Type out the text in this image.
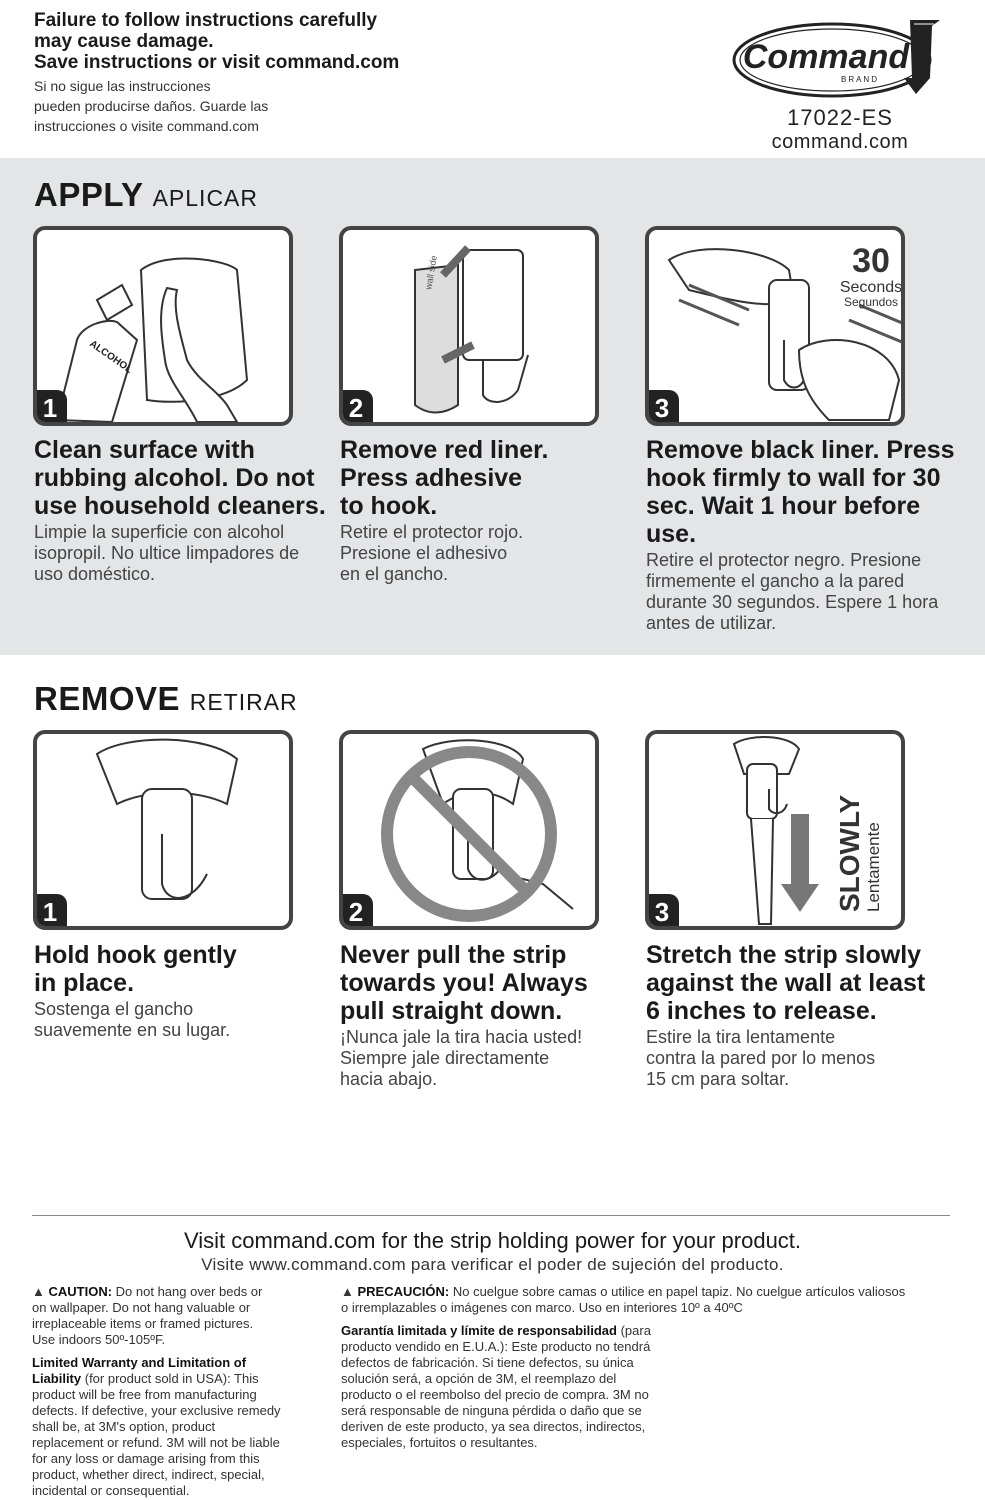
Failure to follow instructions carefully
may cause damage.
Save instructions or visit command.com
Si no sigue las instrucciones
pueden producirse daños. Guarde las
instrucciones o visite command.com
Command
BRAND
17022-ES
command.com
APPLY APLICAR
ALCOHOL
1
Clean surface with
rubbing alcohol. Do not
use household cleaners.
Limpie la superficie con alcohol
isopropil. No ultice limpadores de
uso doméstico.
wall side
2
Remove red liner.
Press adhesive
to hook.
Retire el protector rojo.
Presione el adhesivo
en el gancho.
30
Seconds
Segundos
3
Remove black liner. Press
hook firmly to wall for 30
sec. Wait 1 hour before use.
Retire el protector negro. Presione
firmemente el gancho a la pared
durante 30 segundos. Espere 1 hora
antes de utilizar.
REMOVE RETIRAR
1
Hold hook gently
in place.
Sostenga el gancho
suavemente en su lugar.
2
Never pull the strip
towards you! Always
pull straight down.
¡Nunca jale la tira hacia usted!
Siempre jale directamente
hacia abajo.
SLOWLY Lentamente
3
Stretch the strip slowly
against the wall at least
6 inches to release.
Estire la tira lentamente
contra la pared por lo menos
15 cm para soltar.
Visit command.com for the strip holding power for your product.
Visite www.command.com para verificar el poder de sujeción del producto.
▲ CAUTION: Do not hang over beds or
on wallpaper. Do not hang valuable or
irreplaceable items or framed pictures.
Use indoors 50º-105ºF.
Limited Warranty and Limitation of
Liability (for product sold in USA): This
product will be free from manufacturing
defects. If defective, your exclusive remedy
shall be, at 3M's option, product
replacement or refund. 3M will not be liable
for any loss or damage arising from this
product, whether direct, indirect, special,
incidental or consequential.
▲ PRECAUCIÓN: No cuelgue sobre camas o utilice en papel tapiz. No cuelgue artículos valiosos
o irremplazables o imágenes con marco. Uso en interiores 10º a 40ºC
Garantía limitada y límite de responsabilidad (para
producto vendido en E.U.A.): Este producto no tendrá
defectos de fabricación. Si tiene defectos, su única
solución será, a opción de 3M, el reemplazo del
producto o el reembolso del precio de compra. 3M no
será responsable de ninguna pérdida o daño que se
deriven de este producto, ya sea directos, indirectos,
especiales, fortuitos o resultantes.
